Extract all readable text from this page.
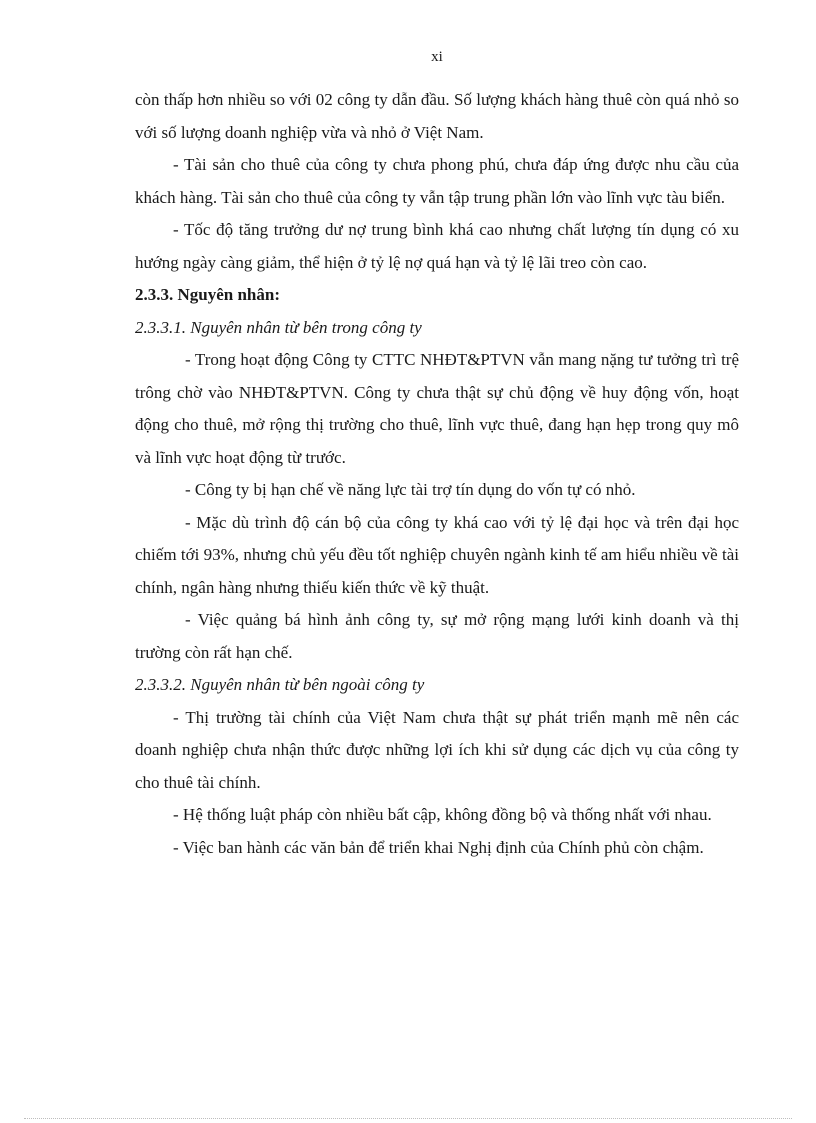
xi

còn thấp hơn nhiều so với 02 công ty dẫn đầu. Số lượng khách hàng thuê còn quá nhỏ so với số lượng doanh nghiệp vừa và nhỏ ở Việt Nam.

- Tài sản cho thuê của công ty chưa phong phú, chưa đáp ứng được nhu cầu của khách hàng. Tài sản cho thuê của công ty vẫn tập trung phần lớn vào lĩnh vực tàu biển.

- Tốc độ tăng trưởng dư nợ trung bình khá cao nhưng chất lượng tín dụng có xu hướng ngày càng giảm, thể hiện ở tỷ lệ nợ quá hạn và tỷ lệ lãi treo còn cao.

2.3.3. Nguyên nhân:

2.3.3.1. Nguyên nhân từ bên trong công ty

- Trong hoạt động Công ty CTTC NHĐT&PTVN vẫn mang nặng tư tưởng trì trệ trông chờ vào NHĐT&PTVN. Công ty chưa thật sự chủ động về huy động vốn, hoạt động cho thuê, mở rộng thị trường cho thuê, lĩnh vực thuê, đang hạn hẹp trong quy mô và lĩnh vực hoạt động từ trước.

- Công ty bị hạn chế về năng lực tài trợ tín dụng do vốn tự có nhỏ.

- Mặc dù trình độ cán bộ của công ty khá cao với tỷ lệ đại học và trên đại học chiếm tới 93%, nhưng chủ yếu đều tốt nghiệp chuyên ngành kinh tế am hiểu nhiều về tài chính, ngân hàng nhưng thiếu kiến thức về kỹ thuật.

- Việc quảng bá hình ảnh công ty, sự mở rộng mạng lưới kinh doanh và thị trường còn rất hạn chế.

2.3.3.2. Nguyên nhân từ bên ngoài công ty

- Thị trường tài chính của Việt Nam chưa thật sự phát triển mạnh mẽ nên các doanh nghiệp chưa nhận thức được những lợi ích khi sử dụng các dịch vụ của công ty cho thuê tài chính.

- Hệ thống luật pháp còn nhiều bất cập, không đồng bộ và thống nhất với nhau.

- Việc ban hành các văn bản để triển khai Nghị định của Chính phủ còn chậm.
